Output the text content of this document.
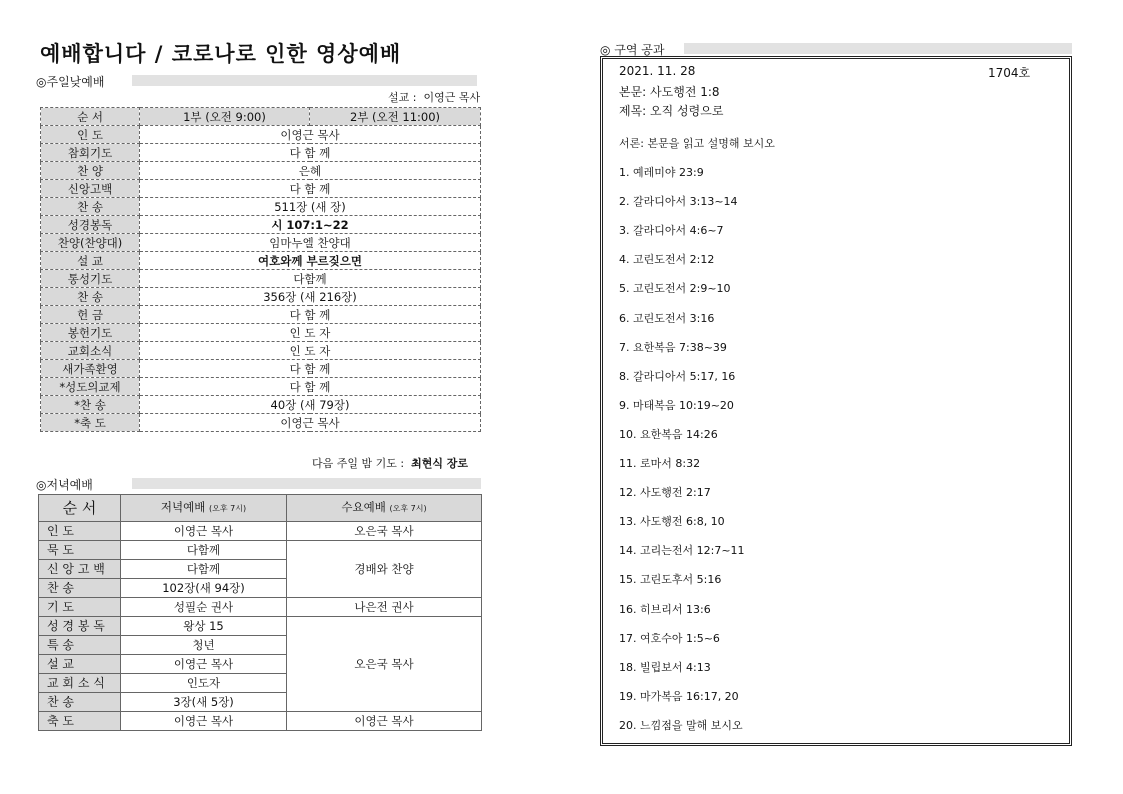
예배합니다 / 코로나로 인한 영상예배
◎주일낮예배
설교 : 이영근 목사
순 서	1부 (오전 9:00)	2부 (오전 11:00)
인 도	이영근 목사	
참회기도	다 함 께	
찬 양	은혜	
신앙고백	다 함 께	
찬 송	511장 (새 장)	
성경봉독	시 107:1~22	
찬양(찬양대)	임마누엘 찬양대	
설 교	여호와께 부르짖으면	
통성기도	다함께	
찬 송	356장 (새 216장)	
헌 금	다 함 께	
봉헌기도	인 도 자	
교회소식	인 도 자	
새가족환영	다 함 께	
*성도의교제	다 함 께	
*찬 송	40장 (새 79장)	
*축 도	이영근 목사	
다음 주일 밤 기도 : 최현식 장로
◎저녁예배
순 서	저녁예배 (오후 7시)	수요예배 (오후 7시)
인 도	이영근 목사	오은국 목사
묵 도	다함께	경배와 찬양
신 앙 고 백	다함께	
찬 송	102장(새 94장)	
기 도	성필순 권사	나은전 권사
성 경 봉 독	왕상 15	오은국 목사
특 송	청년	
설 교	이영근 목사	
교 회 소 식	인도자	
찬 송	3장(새 5장)	
축 도	이영근 목사	이영근 목사
◎ 구역 공과
2021. 11. 28	1704호
본문: 사도행전 1:8
제목: 오직 성령으로
서론: 본문을 읽고 설명해 보시오
1. 예레미야 23:9
2. 갈라디아서 3:13~14
3. 갈라디아서 4:6~7
4. 고린도전서 2:12
5. 고린도전서 2:9~10
6. 고린도전서 3:16
7. 요한복음 7:38~39
8. 갈라디아서 5:17, 16
9. 마태복음 10:19~20
10. 요한복음 14:26
11. 로마서 8:32
12. 사도행전 2:17
13. 사도행전 6:8, 10
14. 고리는전서 12:7~11
15. 고린도후서 5:16
16. 히브리서 13:6
17. 여호수아 1:5~6
18. 빌립보서 4:13
19. 마가복음 16:17, 20
20. 느낌점을 말해 보시오
